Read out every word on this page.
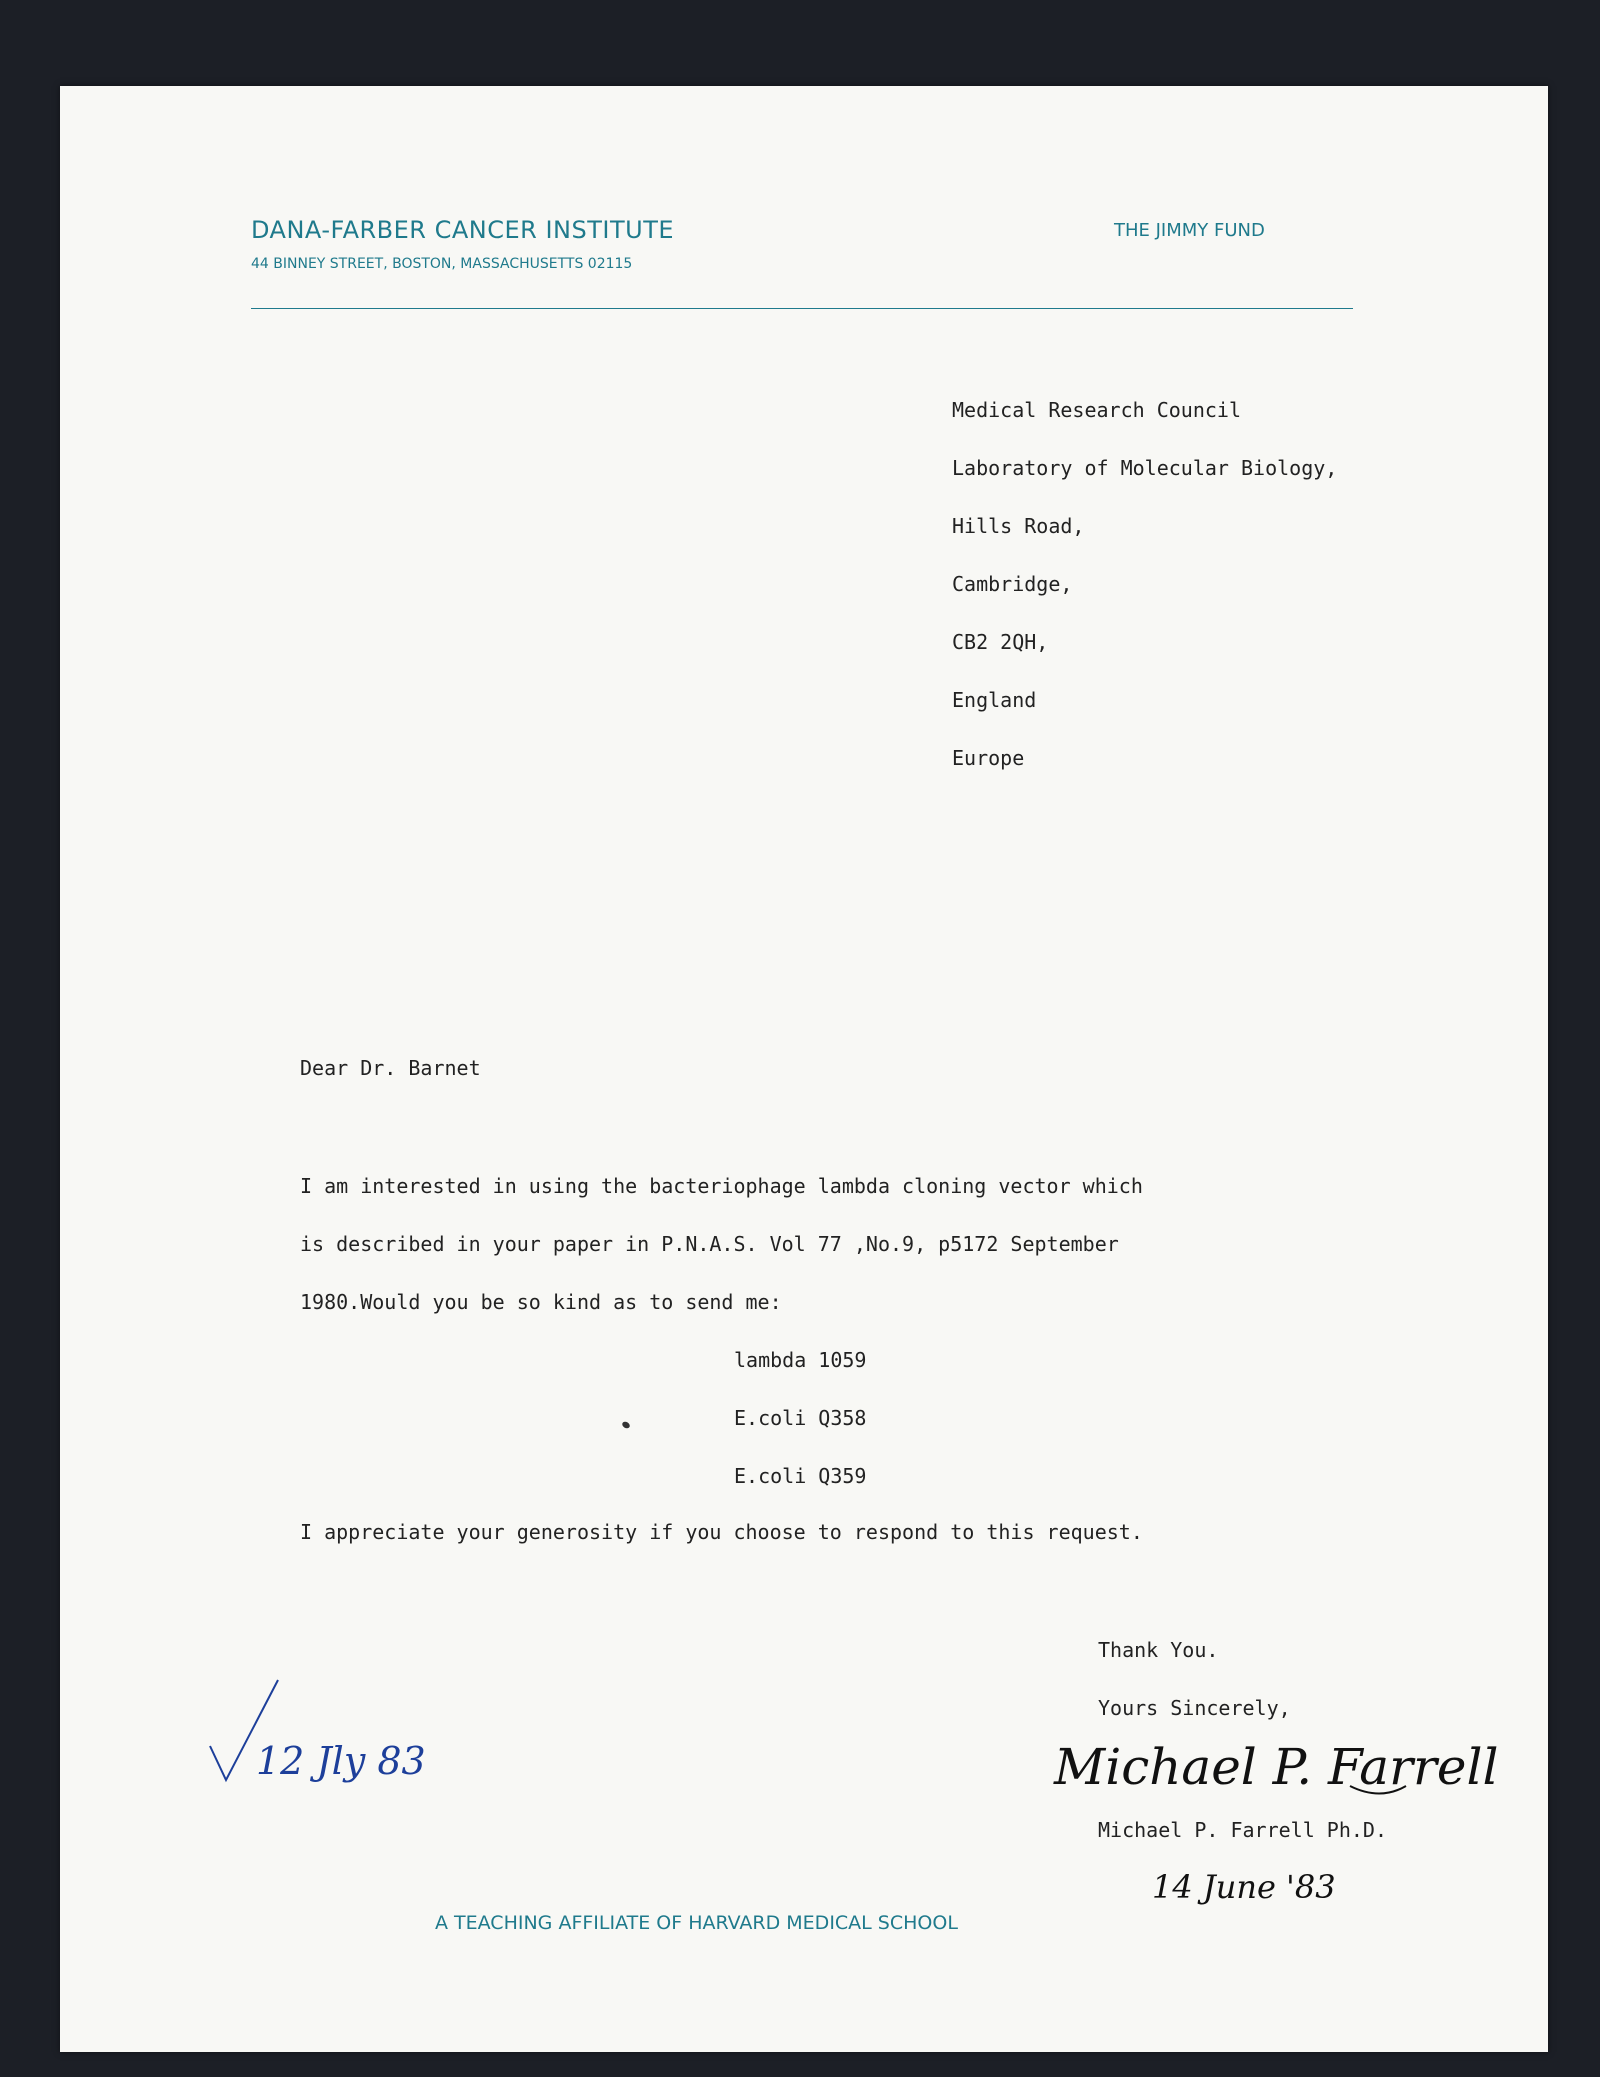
DANA-FARBER CANCER INSTITUTE
44 BINNEY STREET, BOSTON, MASSACHUSETTS 02115
THE JIMMY FUND
Medical Research Council
Laboratory of Molecular Biology,
Hills Road,
Cambridge,
CB2 2QH,
England
Europe
Dear Dr. Barnet
I am interested in using the bacteriophage lambda cloning vector which
is described in your paper in P.N.A.S. Vol 77 ,No.9, p5172 September
1980.Would you be so kind as to send me:
lambda 1059
E.coli Q358
E.coli Q359
I appreciate your generosity if you choose to respond to this request.
Thank You.
Yours Sincerely,
Michael P. Farrell
Michael P. Farrell Ph.D.
14 June '83
12 Jly 83
A TEACHING AFFILIATE OF HARVARD MEDICAL SCHOOL
